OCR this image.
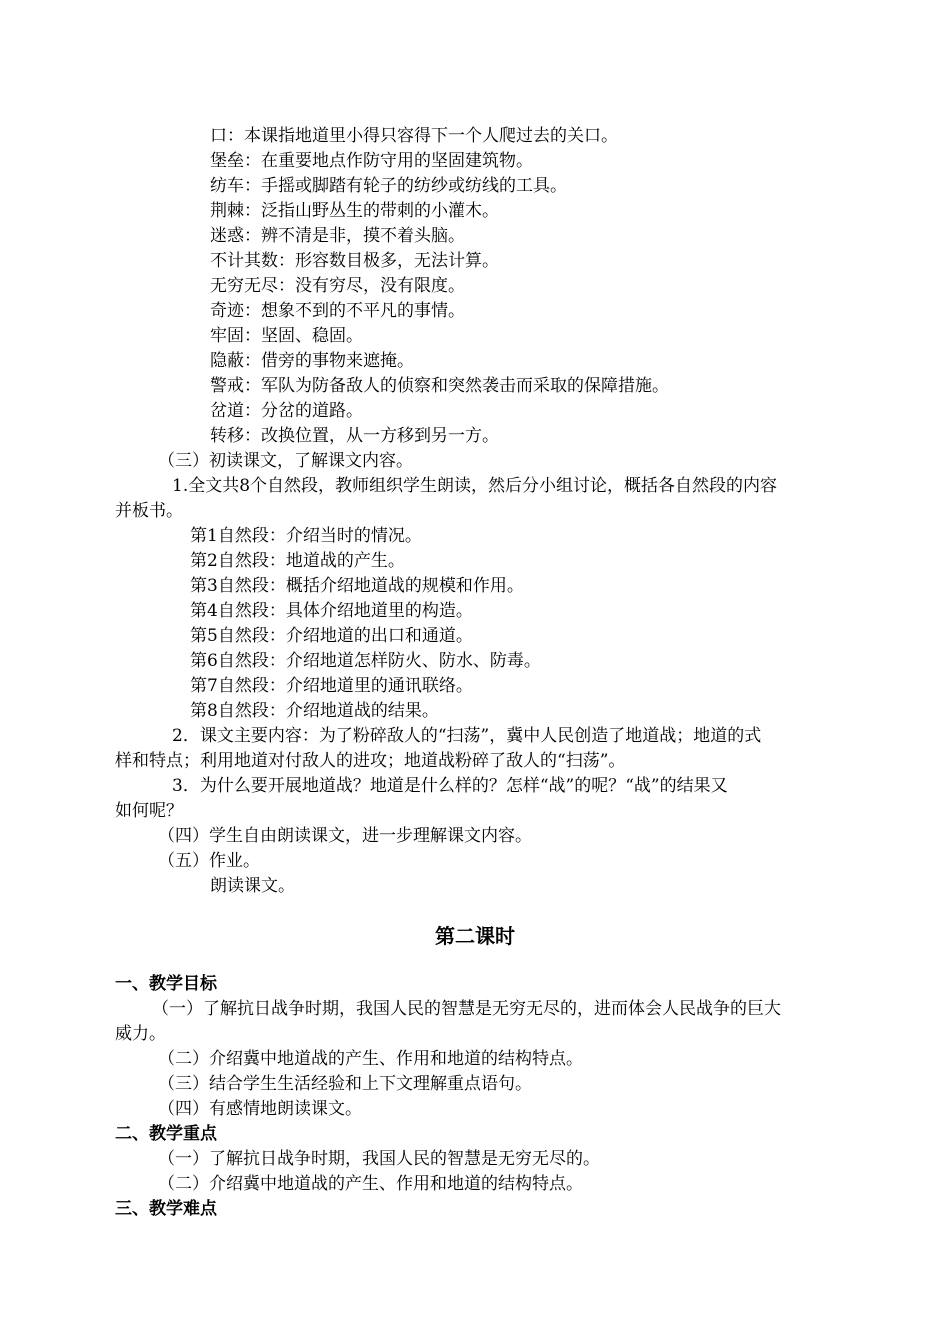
口：本课指地道里小得只容得下一个人爬过去的关口。
堡垒：在重要地点作防守用的坚固建筑物。
纺车：手摇或脚踏有轮子的纺纱或纺线的工具。
荆棘：泛指山野丛生的带刺的小灌木。
迷惑：辨不清是非，摸不着头脑。
不计其数：形容数目极多，无法计算。
无穷无尽：没有穷尽，没有限度。
奇迹：想象不到的不平凡的事情。
牢固：坚固、稳固。
隐蔽：借旁的事物来遮掩。
警戒：军队为防备敌人的侦察和突然袭击而采取的保障措施。
岔道：分岔的道路。
转移：改换位置，从一方移到另一方。
（三）初读课文，了解课文内容。
1.全文共8个自然段，教师组织学生朗读，然后分小组讨论，概括各自然段的内容
并板书。
第1自然段：介绍当时的情况。
第2自然段：地道战的产生。
第3自然段：概括介绍地道战的规模和作用。
第4自然段：具体介绍地道里的构造。
第5自然段：介绍地道的出口和通道。
第6自然段：介绍地道怎样防火、防水、防毒。
第7自然段：介绍地道里的通讯联络。
第8自然段：介绍地道战的结果。
2．课文主要内容：为了粉碎敌人的“扫荡”，冀中人民创造了地道战；地道的式
样和特点；利用地道对付敌人的进攻；地道战粉碎了敌人的“扫荡”。
3．为什么要开展地道战？地道是什么样的？怎样“战”的呢？“战”的结果又
如何呢？
（四）学生自由朗读课文，进一步理解课文内容。
（五）作业。
朗读课文。
第二课时
一、教学目标
（一）了解抗日战争时期，我国人民的智慧是无穷无尽的，进而体会人民战争的巨大
威力。
（二）介绍冀中地道战的产生、作用和地道的结构特点。
（三）结合学生生活经验和上下文理解重点语句。
（四）有感情地朗读课文。
二、教学重点
（一）了解抗日战争时期，我国人民的智慧是无穷无尽的。
（二）介绍冀中地道战的产生、作用和地道的结构特点。
三、教学难点
